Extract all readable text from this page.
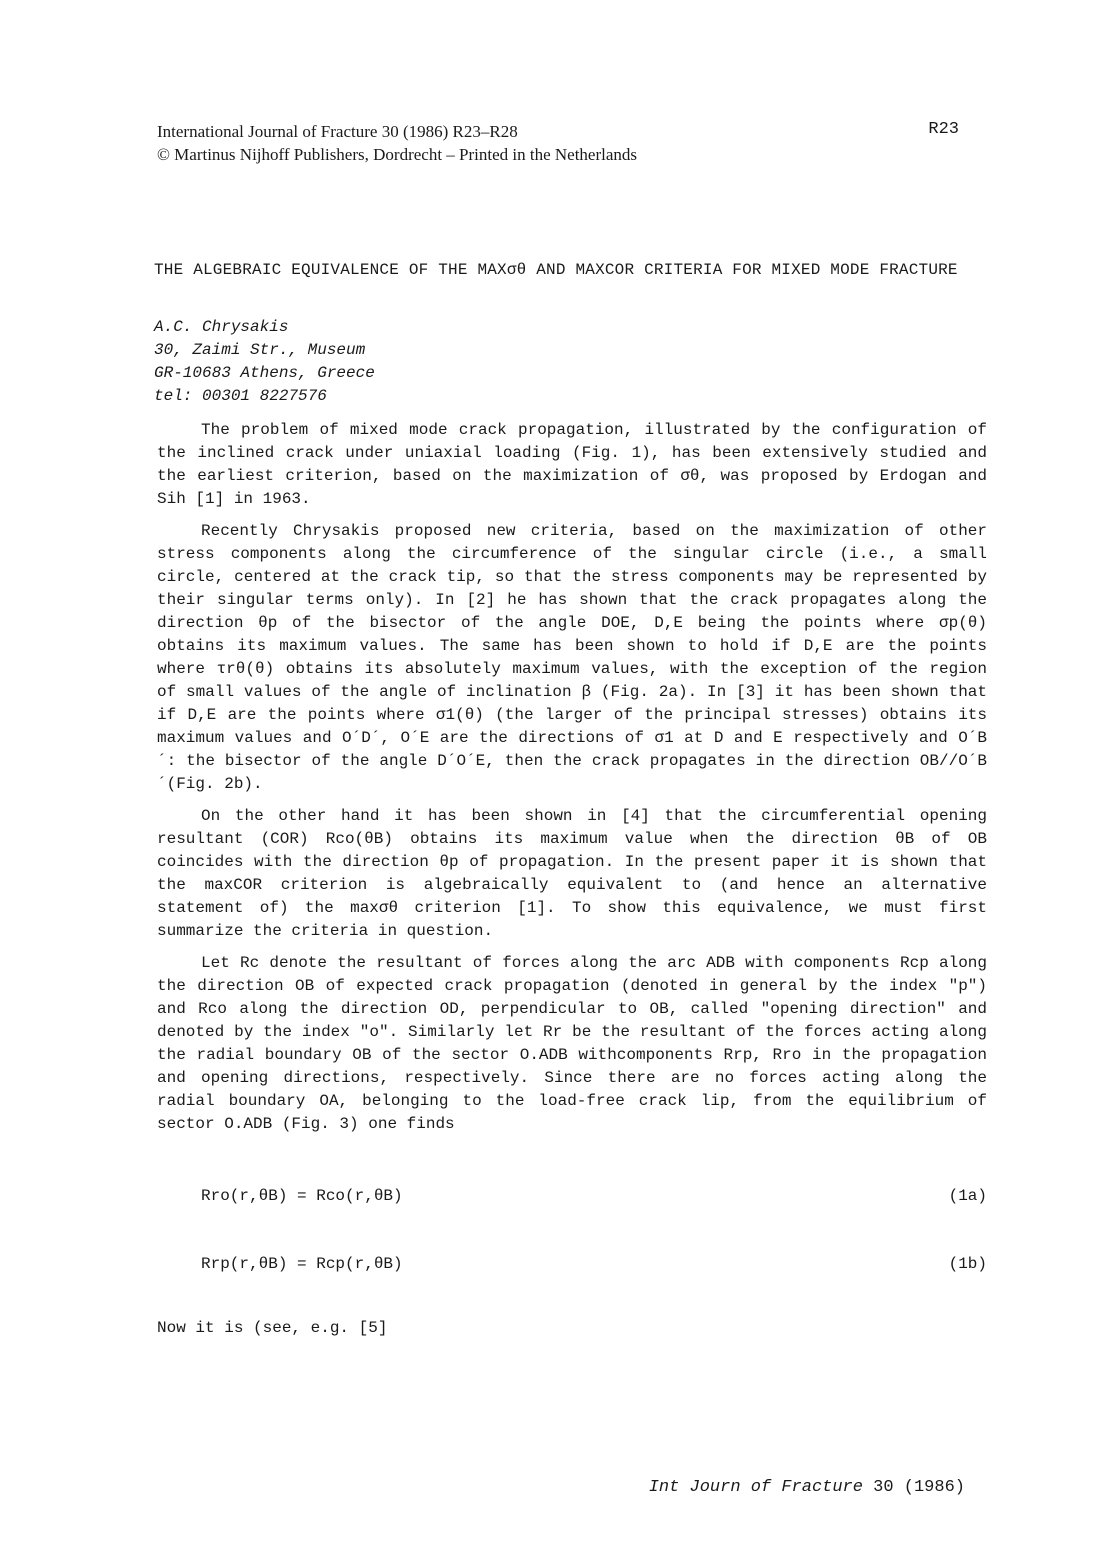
International Journal of Fracture 30 (1986) R23–R28
© Martinus Nijhoff Publishers, Dordrecht – Printed in the Netherlands
R23
THE ALGEBRAIC EQUIVALENCE OF THE MAXσθ AND MAXCOR CRITERIA FOR MIXED MODE FRACTURE
A.C. Chrysakis
30, Zaimi Str., Museum
GR-10683 Athens, Greece
tel: 00301 8227576

The problem of mixed mode crack propagation, illustrated by the configuration of the inclined crack under uniaxial loading (Fig. 1), has been extensively studied and the earliest criterion, based on the maximization of σθ, was proposed by Erdogan and Sih [1] in 1963.

Recently Chrysakis proposed new criteria, based on the maximization of other stress components along the circumference of the singular circle (i.e., a small circle, centered at the crack tip, so that the stress components may be represented by their singular terms only). In [2] he has shown that the crack propagates along the direction θp of the bisector of the angle DOE, D,E being the points where σp(θ) obtains its maximum values. The same has been shown to hold if D,E are the points where τrθ(θ) obtains its absolutely maximum values, with the exception of the region of small values of the angle of inclination β (Fig. 2a). In [3] it has been shown that if D,E are the points where σ1(θ) (the larger of the principal stresses) obtains its maximum values and O´D´, O´E are the directions of σ1 at D and E respectively and O´B´: the bisector of the angle D´O´E, then the crack propagates in the direction OB//O´B´(Fig. 2b).

On the other hand it has been shown in [4] that the circumferential opening resultant (COR) Rcο(θB) obtains its maximum value when the direction θB of OB coincides with the direction θp of propagation. In the present paper it is shown that the maxCOR criterion is algebraically equivalent to (and hence an alternative statement of) the maxσθ criterion [1]. To show this equivalence, we must first summarize the criteria in question.

Let Rc denote the resultant of forces along the arc ADB with components Rcp along the direction OB of expected crack propagation (denoted in general by the index "p") and Rco along the direction OD, perpendicular to OB, called "opening direction" and denoted by the index "o". Similarly let Rr be the resultant of the forces acting along the radial boundary OB of the sector O.ADB withcomponents Rrp, Rro in the propagation and opening directions, respectively. Since there are no forces acting along the radial boundary OA, belonging to the load-free crack lip, from the equilibrium of sector O.ADB (Fig. 3) one finds

Rro(r,θB) = Rco(r,θB)	(1a)
Rrp(r,θB) = Rcp(r,θB)	(1b)

Now it is (see, e.g. [5]

Int Journ of Fracture 30 (1986)
